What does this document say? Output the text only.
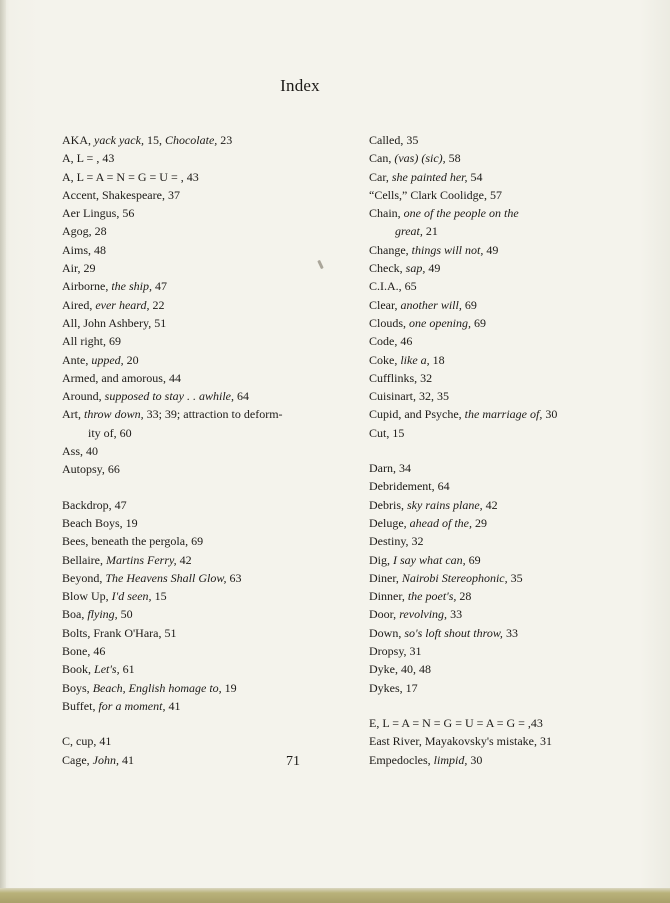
Index
AKA, yack yack, 15, Chocolate, 23
A, L = , 43
A, L = A = N = G = U = , 43
Accent, Shakespeare, 37
Aer Lingus, 56
Agog, 28
Aims, 48
Air, 29
Airborne, the ship, 47
Aired, ever heard, 22
All, John Ashbery, 51
All right, 69
Ante, upped, 20
Armed, and amorous, 44
Around, supposed to stay . . awhile, 64
Art, throw down, 33; 39; attraction to deform-
ity of, 60
Ass, 40
Autopsy, 66
Backdrop, 47
Beach Boys, 19
Bees, beneath the pergola, 69
Bellaire, Martins Ferry, 42
Beyond, The Heavens Shall Glow, 63
Blow Up, I'd seen, 15
Boa, flying, 50
Bolts, Frank O'Hara, 51
Bone, 46
Book, Let's, 61
Boys, Beach, English homage to, 19
Buffet, for a moment, 41
C, cup, 41
Cage, John, 41
Called, 35
Can, (vas) (sic), 58
Car, she painted her, 54
“Cells,” Clark Coolidge, 57
Chain, one of the people on the
great, 21
Change, things will not, 49
Check, sap, 49
C.I.A., 65
Clear, another will, 69
Clouds, one opening, 69
Code, 46
Coke, like a, 18
Cufflinks, 32
Cuisinart, 32, 35
Cupid, and Psyche, the marriage of, 30
Cut, 15
Darn, 34
Debridement, 64
Debris, sky rains plane, 42
Deluge, ahead of the, 29
Destiny, 32
Dig, I say what can, 69
Diner, Nairobi Stereophonic, 35
Dinner, the poet's, 28
Door, revolving, 33
Down, so's loft shout throw, 33
Dropsy, 31
Dyke, 40, 48
Dykes, 17
E, L = A = N = G = U = A = G = ,43
East River, Mayakovsky's mistake, 31
Empedocles, limpid, 30
71
